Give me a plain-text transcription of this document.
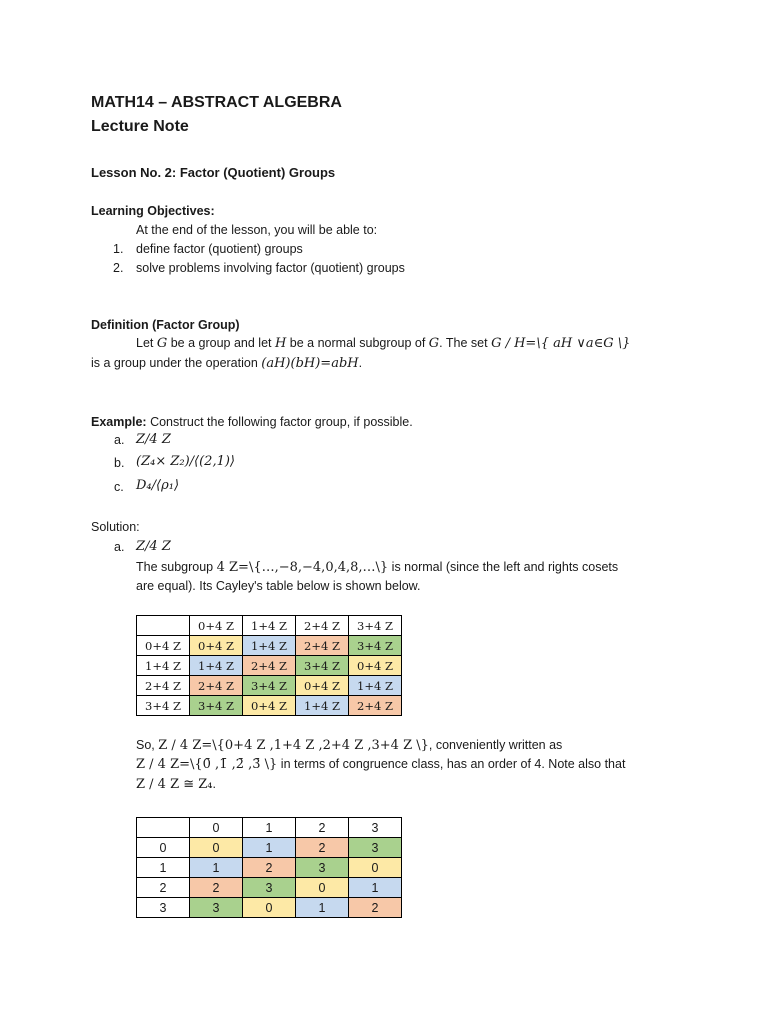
MATH14 – ABSTRACT ALGEBRA
Lecture Note
Lesson No. 2: Factor (Quotient) Groups
Learning Objectives:
At the end of the lesson, you will be able to:
1. define factor (quotient) groups
2. solve problems involving factor (quotient) groups
Definition (Factor Group)
Let G be a group and let H be a normal subgroup of G. The set G / H=\{ aH ∨a∈G \}
is a group under the operation (aH)(bH)=abH.
Example: Construct the following factor group, if possible.
a. Z/4 Z
b. (Z₄× Z₂)/⟨(2,1)⟩
c. D₄/⟨ρ₁⟩
Solution:
a. Z/4 Z
The subgroup 4 Z=\{…,−8,−4,0,4,8,…\} is normal (since the left and rights cosets
are equal). Its Cayley's table below is shown below.
	0+4 Z	1+4 Z	2+4 Z	3+4 Z
0+4 Z	0+4 Z	1+4 Z	2+4 Z	3+4 Z
1+4 Z	1+4 Z	2+4 Z	3+4 Z	0+4 Z
2+4 Z	2+4 Z	3+4 Z	0+4 Z	1+4 Z
3+4 Z	3+4 Z	0+4 Z	1+4 Z	2+4 Z
So, Z / 4 Z=\{0+4 Z ,1+4 Z ,2+4 Z ,3+4 Z \}, conveniently written as
Z / 4 Z=\{0̄ ,1̄ ,2̄ ,3̄ \} in terms of congruence class, has an order of 4. Note also that
Z / 4 Z ≅ Z₄.
	0	1	2	3
0	0	1	2	3
1	1	2	3	0
2	2	3	0	1
3	3	0	1	2
